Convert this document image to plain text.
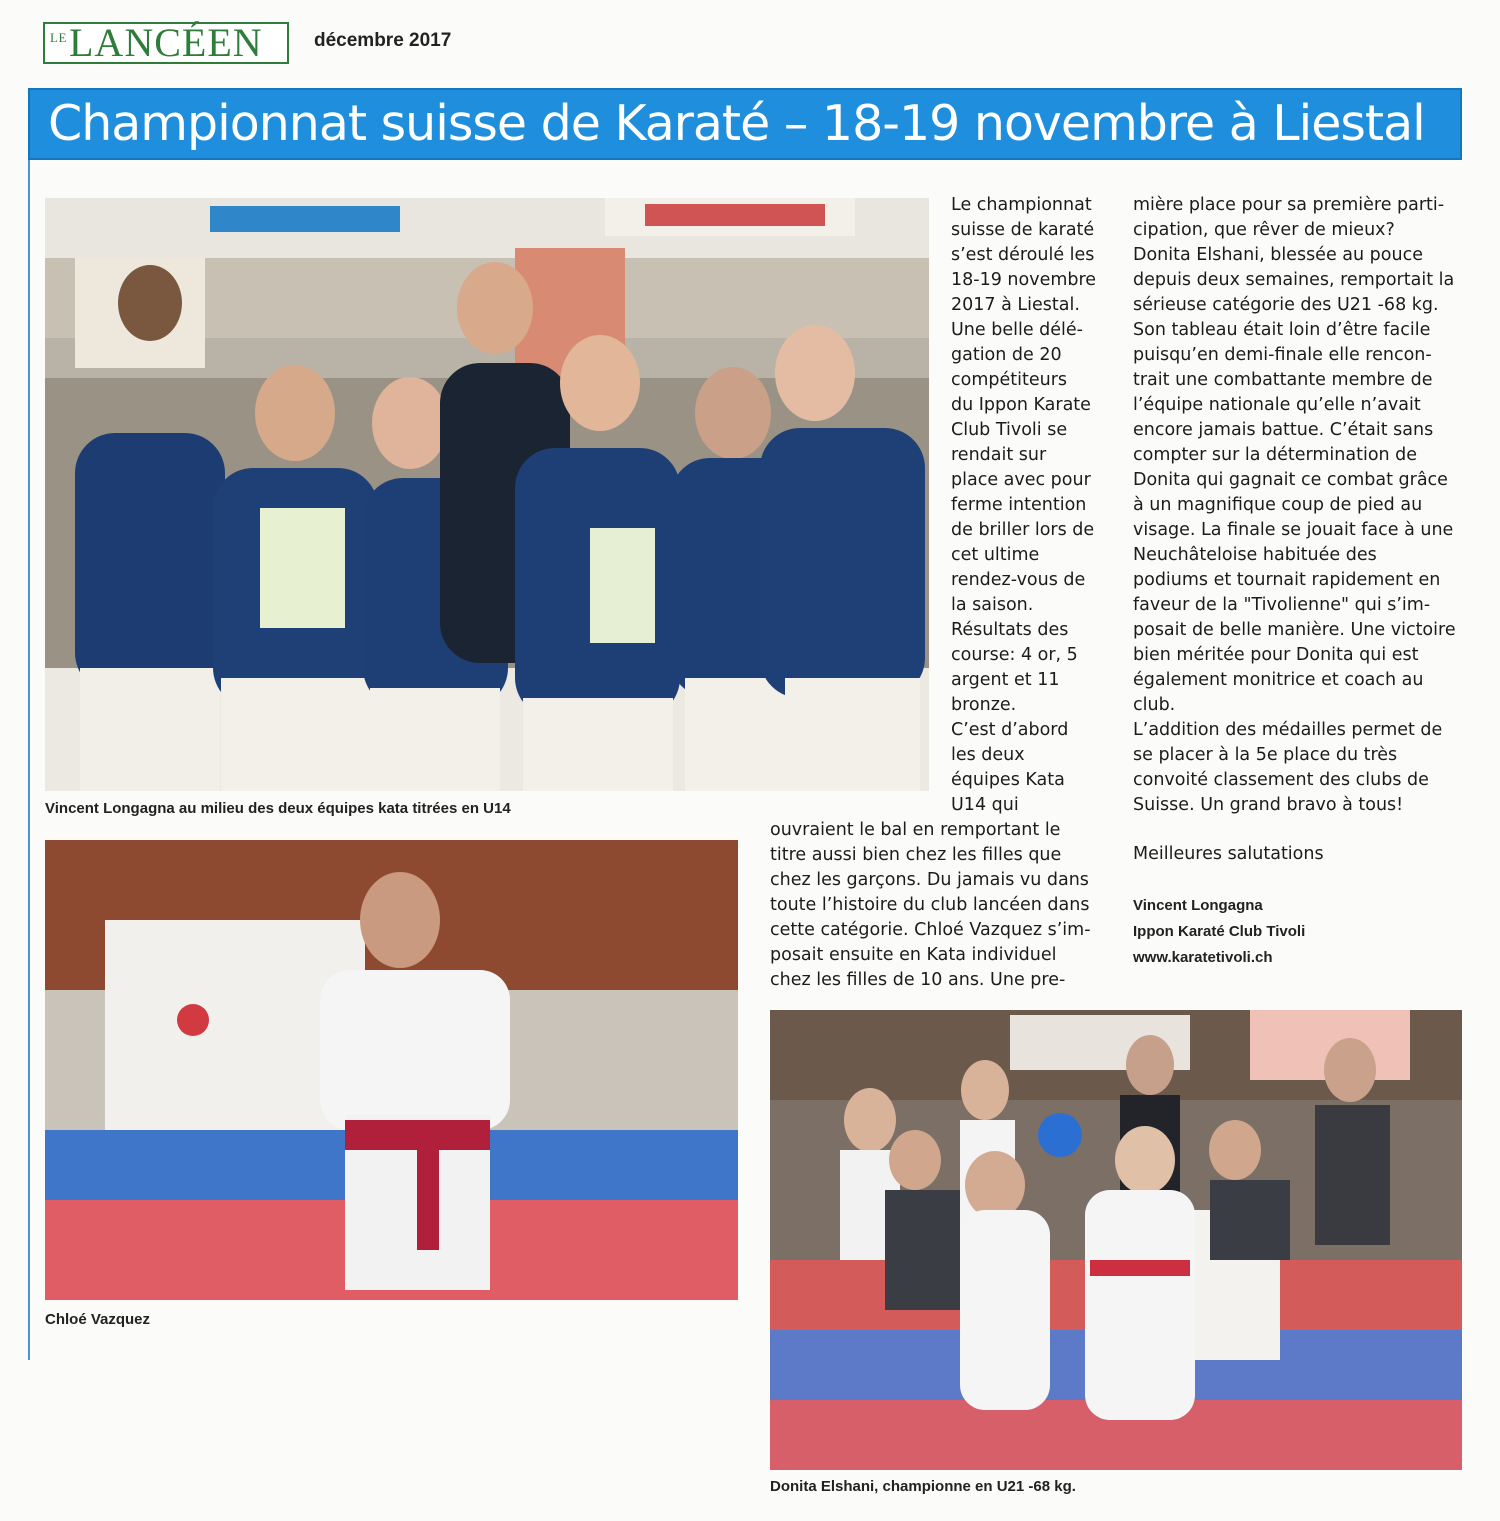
LE LANCÉEN	décembre 2017
Championnat suisse de Karaté – 18-19 novembre à Liestal
Vincent Longagna au milieu des deux équipes kata titrées en U14
Chloé Vazquez
Donita Elshani, championne en U21 -68 kg.

Le championnat

suisse de karaté

s’est déroulé les

18-19 novembre

2017 à Liestal.

Une belle délé-

gation de 20

compétiteurs

du Ippon Karate

Club Tivoli se

rendait sur

place avec pour

ferme intention

de briller lors de

cet ultime

rendez-vous de

la saison.

Résultats des

course: 4 or, 5

argent et 11

bronze.

C’est d’abord

les deux

équipes Kata

U14 qui

ouvraient le bal en remportant le

titre aussi bien chez les filles que

chez les garçons. Du jamais vu dans

toute l’histoire du club lancéen dans

cette catégorie. Chloé Vazquez s’im-

posait ensuite en Kata individuel

chez les filles de 10 ans. Une pre-

mière place pour sa première parti-

cipation, que rêver de mieux?

Donita Elshani, blessée au pouce

depuis deux semaines, remportait la

sérieuse catégorie des U21 -68 kg.

Son tableau était loin d’être facile

puisqu’en demi-finale elle rencon-

trait une combattante membre de

l’équipe nationale qu’elle n’avait

encore jamais battue. C’était sans

compter sur la détermination de

Donita qui gagnait ce combat grâce

à un magnifique coup de pied au

visage. La finale se jouait face à une

Neuchâteloise habituée des

podiums et tournait rapidement en

faveur de la "Tivolienne" qui s’im-

posait de belle manière. Une victoire

bien méritée pour Donita qui est

également monitrice et coach au

club.

L’addition des médailles permet de

se placer à la 5e place du très

convoité classement des clubs de

Suisse. Un grand bravo à tous!

Meilleures salutations
Vincent Longagna
Ippon Karaté Club Tivoli
www.karatetivoli.ch
